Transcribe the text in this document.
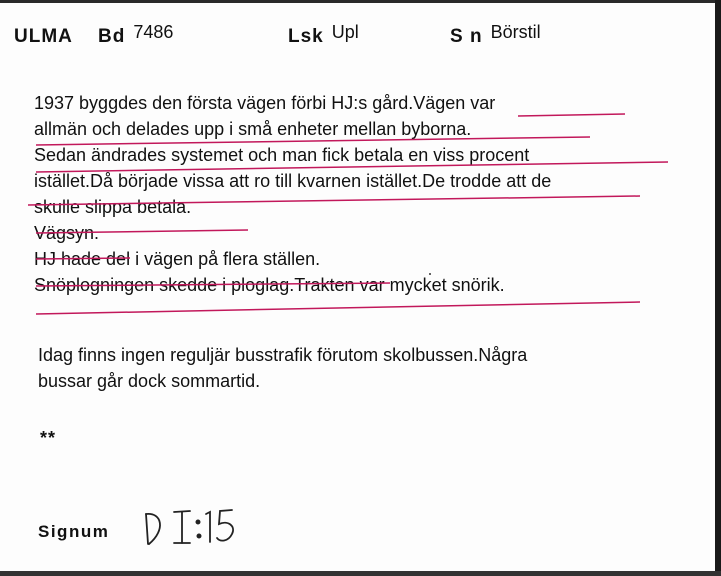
ULMA Bd 7486	Lsk Upl	S n Börstil
1937 byggdes den första vägen förbi HJ:s gård.Vägen var
allmän och delades upp i små enheter mellan byborna.
Sedan ändrades systemet och man fick betala en viss procent
istället.Då började vissa att ro till kvarnen istället.De trodde att de
skulle slippa betala.
Vägsyn.
HJ hade del i vägen på flera ställen.
Snöplogningen skedde i ploglag.Trakten var mycket snörik.
Idag finns ingen reguljär busstrafik förutom skolbussen.Några
bussar går dock sommartid.
**
Signum
